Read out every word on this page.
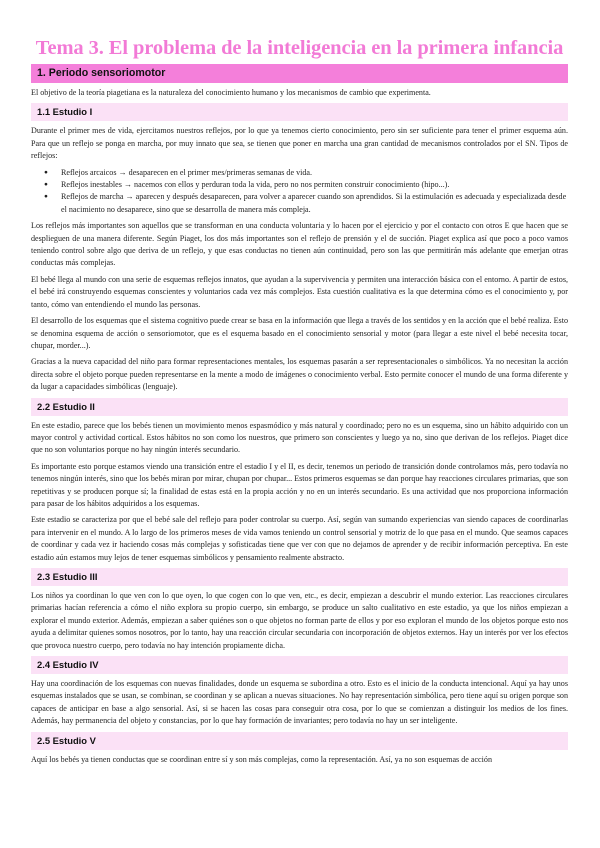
Tema 3. El problema de la inteligencia en la primera infancia
1. Periodo sensoriomotor

El objetivo de la teoría piagetiana es la naturaleza del conocimiento humano y los mecanismos de cambio que experimenta.

1.1 Estudio I

Durante el primer mes de vida, ejercitamos nuestros reflejos, por lo que ya tenemos cierto conocimiento, pero sin ser suficiente para tener el primer esquema aún. Para que un reflejo se ponga en marcha, por muy innato que sea, se tienen que poner en marcha una gran cantidad de mecanismos controlados por el SN. Tipos de reflejos:

● Reflejos arcaicos → desaparecen en el primer mes/primeras semanas de vida.
● Reflejos inestables → nacemos con ellos y perduran toda la vida, pero no nos permiten construir conocimiento (hipo...).
● Reflejos de marcha → aparecen y después desaparecen, para volver a aparecer cuando son aprendidos. Si la estimulación es adecuada y especializada desde el nacimiento no desaparece, sino que se desarrolla de manera más compleja.

Los reflejos más importantes son aquellos que se transforman en una conducta voluntaria y lo hacen por el ejercicio y por el contacto con otros E que hacen que se desplieguen de una manera diferente. Según Piaget, los dos más importantes son el reflejo de prensión y el de succión. Piaget explica así que poco a poco vamos teniendo control sobre algo que deriva de un reflejo, y que esas conductas no tienen aún continuidad, pero son las que permitirán más adelante que emerjan otras conductas más complejas.

El bebé llega al mundo con una serie de esquemas reflejos innatos, que ayudan a la supervivencia y permiten una interacción básica con el entorno. A partir de estos, el bebé irá construyendo esquemas conscientes y voluntarios cada vez más complejos. Esta cuestión cualitativa es la que determina cómo es el conocimiento y, por tanto, cómo van entendiendo el mundo las personas.

El desarrollo de los esquemas que el sistema cognitivo puede crear se basa en la información que llega a través de los sentidos y en la acción que el bebé realiza. Esto se denomina esquema de acción o sensoriomotor, que es el esquema basado en el conocimiento sensorial y motor (para llegar a este nivel el bebé necesita tocar, chupar, morder...).

Gracias a la nueva capacidad del niño para formar representaciones mentales, los esquemas pasarán a ser representacionales o simbólicos. Ya no necesitan la acción directa sobre el objeto porque pueden representarse en la mente a modo de imágenes o conocimiento verbal. Esto permite conocer el mundo de una forma diferente y da lugar a capacidades simbólicas (lenguaje).

2.2 Estudio II

En este estadio, parece que los bebés tienen un movimiento menos espasmódico y más natural y coordinado; pero no es un esquema, sino un hábito adquirido con un mayor control y actividad cortical. Estos hábitos no son como los nuestros, que primero son conscientes y luego ya no, sino que derivan de los reflejos. Piaget dice que no son voluntarios porque no hay ningún interés secundario.

Es importante esto porque estamos viendo una transición entre el estadio I y el II, es decir, tenemos un periodo de transición donde controlamos más, pero todavía no tenemos ningún interés, sino que los bebés miran por mirar, chupan por chupar... Estos primeros esquemas se dan porque hay reacciones circulares primarias, que son repetitivas y se producen porque sí; la finalidad de estas está en la propia acción y no en un interés secundario. Es una actividad que nos proporciona información para pasar de los hábitos adquiridos a los esquemas.

Este estadio se caracteriza por que el bebé sale del reflejo para poder controlar su cuerpo. Así, según van sumando experiencias van siendo capaces de coordinarlas para intervenir en el mundo. A lo largo de los primeros meses de vida vamos teniendo un control sensorial y motriz de lo que pasa en el mundo. Que seamos capaces de coordinar y cada vez ir haciendo cosas más complejas y sofisticadas tiene que ver con que no dejamos de aprender y de recibir información perceptiva. En este estadio aún estamos muy lejos de tener esquemas simbólicos y pensamiento realmente abstracto.

2.3 Estudio III

Los niños ya coordinan lo que ven con lo que oyen, lo que cogen con lo que ven, etc., es decir, empiezan a descubrir el mundo exterior. Las reacciones circulares primarias hacían referencia a cómo el niño explora su propio cuerpo, sin embargo, se produce un salto cualitativo en este estadio, ya que los niños empiezan a explorar el mundo exterior. Además, empiezan a saber quiénes son o que objetos no forman parte de ellos y por eso exploran el mundo de los objetos porque esto nos ayuda a delimitar quienes somos nosotros, por lo tanto, hay una reacción circular secundaria con incorporación de objetos externos. Hay un interés por ver los efectos que provoca nuestro cuerpo, pero todavía no hay intención propiamente dicha.

2.4 Estudio IV

Hay una coordinación de los esquemas con nuevas finalidades, donde un esquema se subordina a otro. Esto es el inicio de la conducta intencional. Aquí ya hay unos esquemas instalados que se usan, se combinan, se coordinan y se aplican a nuevas situaciones. No hay representación simbólica, pero tiene aquí su origen porque son capaces de anticipar en base a algo sensorial. Así, si se hacen las cosas para conseguir otra cosa, por lo que se comienzan a distinguir los medios de los fines. Además, hay permanencia del objeto y constancias, por lo que hay formación de invariantes; pero todavía no hay un ser inteligente.

2.5 Estudio V

Aquí los bebés ya tienen conductas que se coordinan entre sí y son más complejas, como la representación. Así, ya no son esquemas de acción
